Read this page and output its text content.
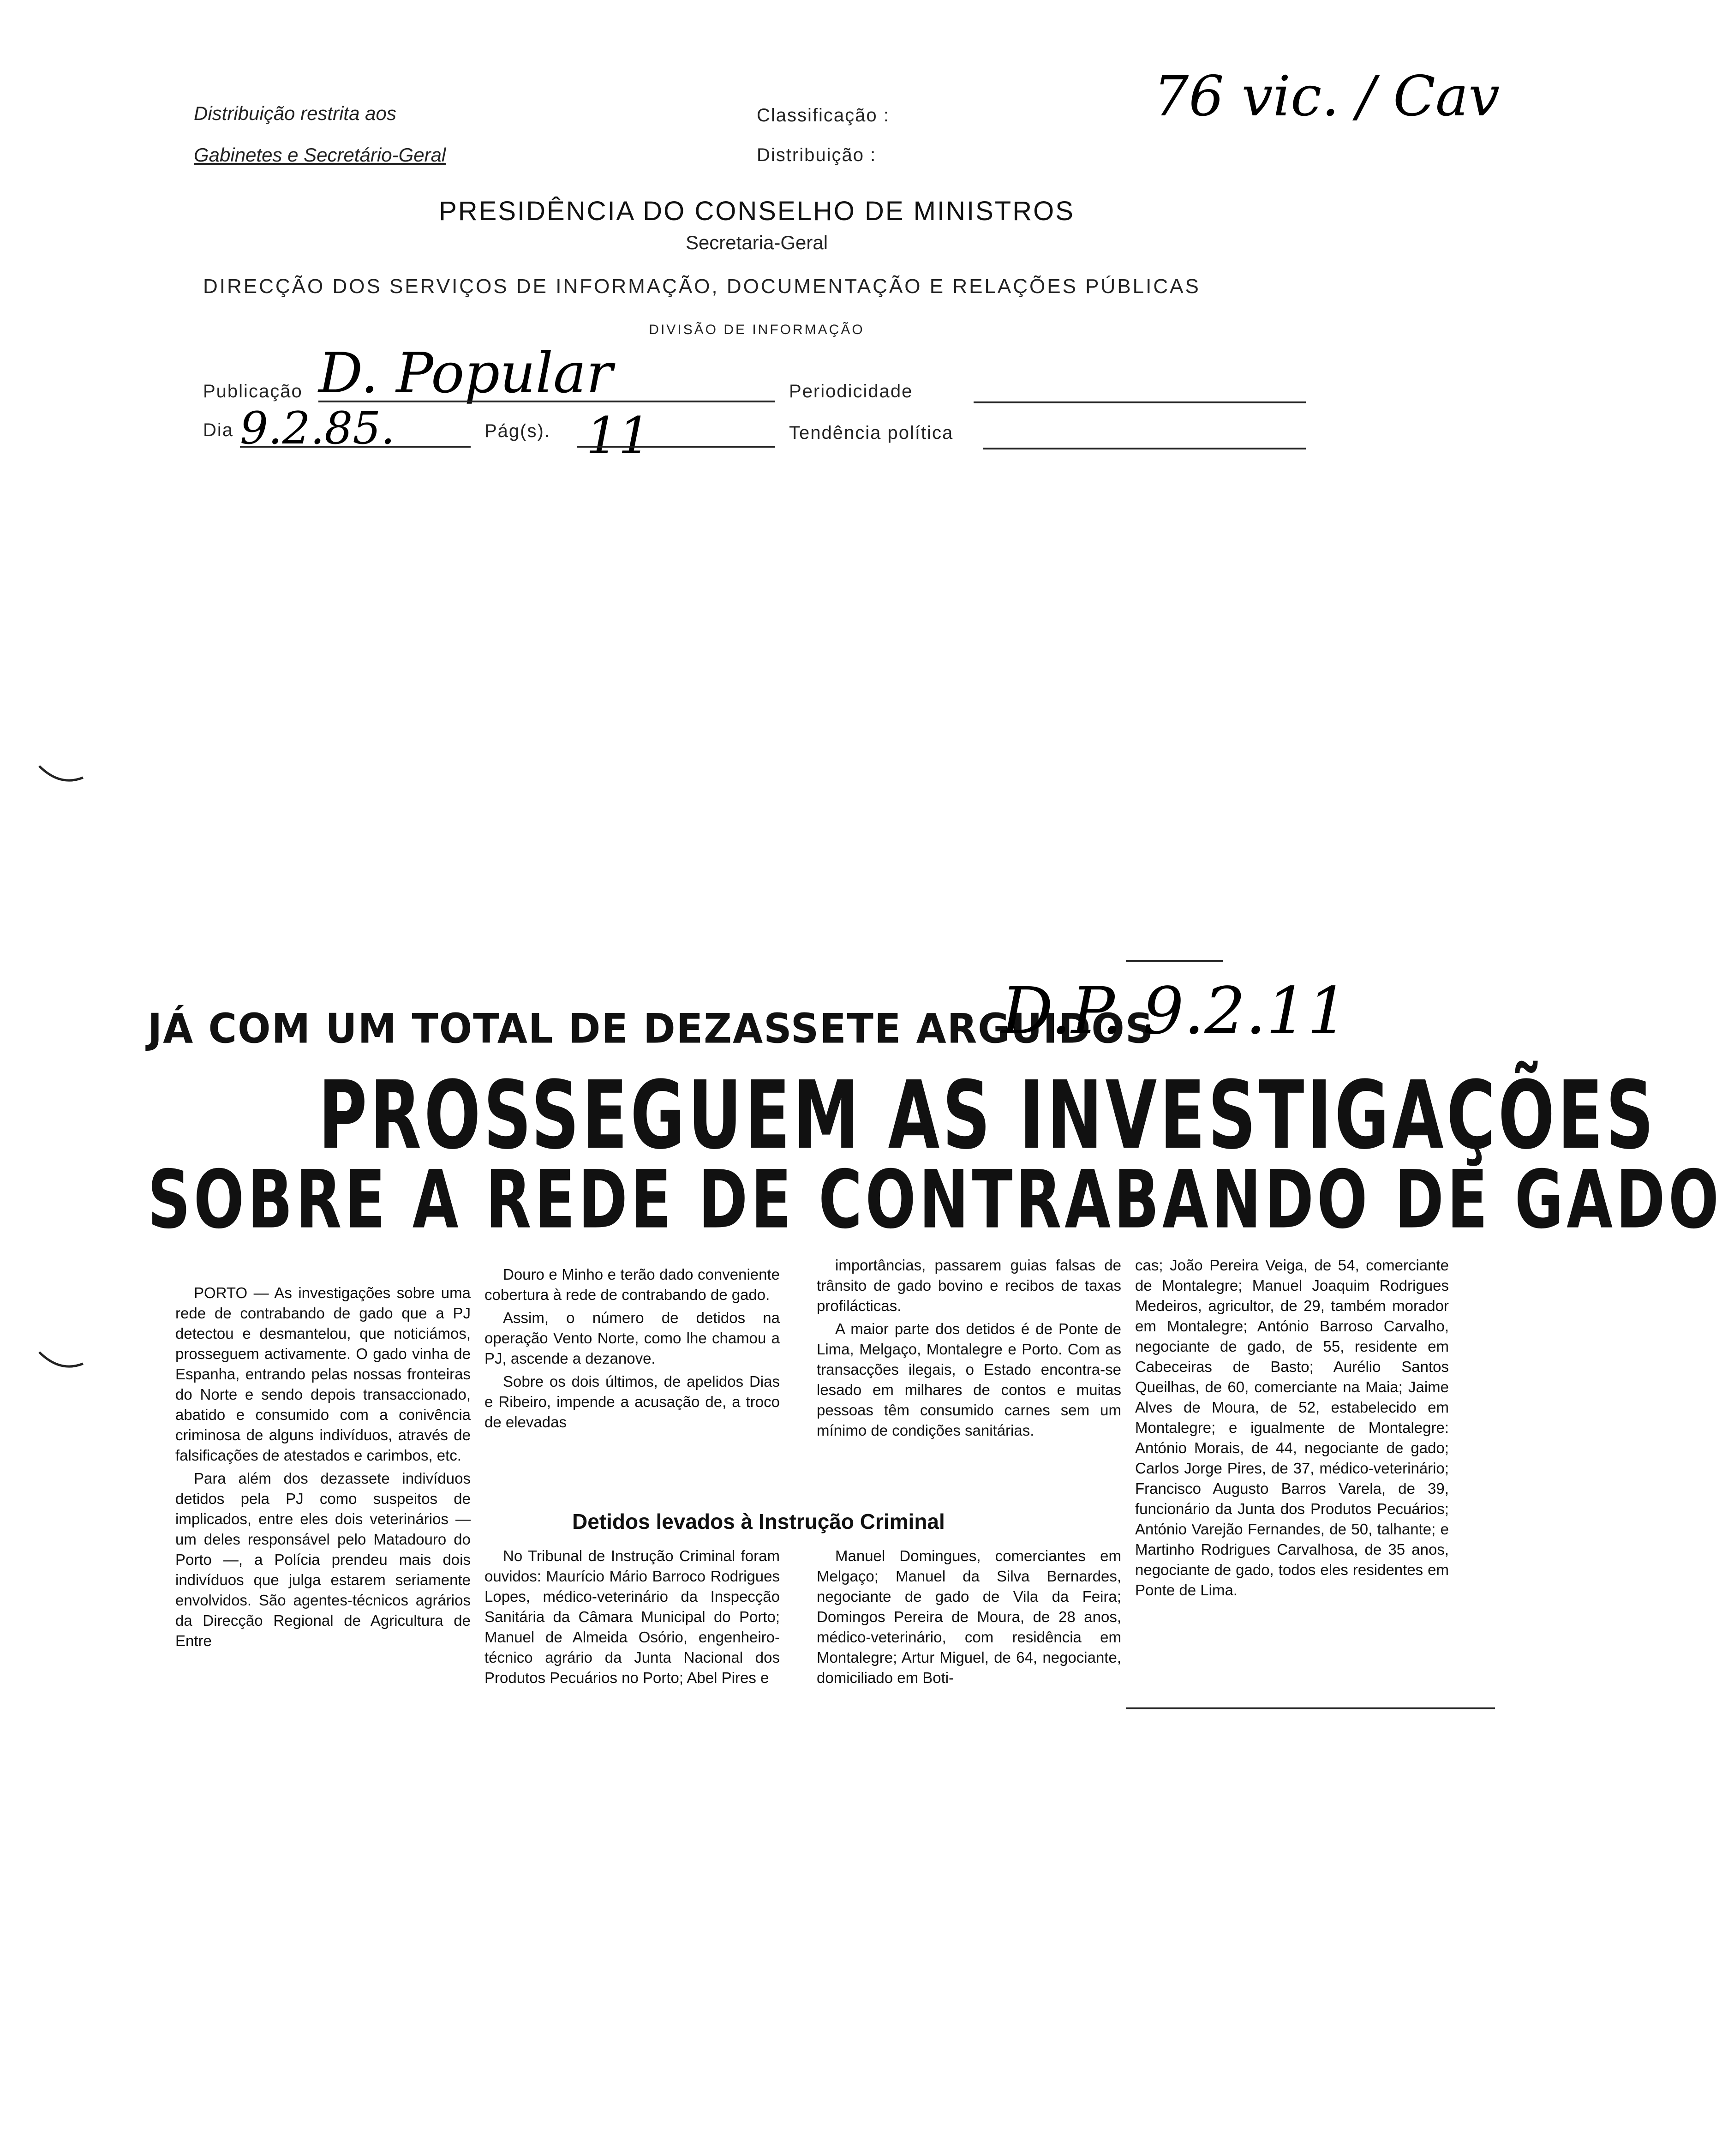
Distribuição restrita aos
Gabinetes e Secretário-Geral
Classificação :
Distribuição :
76 vic. / Cav
PRESIDÊNCIA DO CONSELHO DE MINISTROS
Secretaria-Geral
DIRECÇÃO DOS SERVIÇOS DE INFORMAÇÃO, DOCUMENTAÇÃO E RELAÇÕES PÚBLICAS
DIVISÃO DE INFORMAÇÃO
Publicação D. Popular	Periodicidade
Dia 9.2.85.	Pág(s). 11	Tendência política
JÁ COM UM TOTAL DE DEZASSETE ARGUIDOS
D.P. 9.2.11
PROSSEGUEM AS INVESTIGAÇÕES
SOBRE A REDE DE CONTRABANDO DE GADO

PORTO — As investigações sobre uma rede de contrabando de gado que a PJ detectou e desmantelou, que noticiámos, prosseguem activamente. O gado vinha de Espanha, entrando pelas nossas fronteiras do Norte e sendo depois transaccionado, abatido e consumido com a conivência criminosa de alguns indivíduos, através de falsificações de atestados e carimbos, etc.

Para além dos dezassete indivíduos detidos pela PJ como suspeitos de implicados, entre eles dois veterinários — um deles responsável pelo Matadouro do Porto —, a Polícia prendeu mais dois indivíduos que julga estarem seriamente envolvidos. São agentes-técnicos agrários da Direcção Regional de Agricultura de Entre

Douro e Minho e terão dado conveniente cobertura à rede de contrabando de gado.

Assim, o número de detidos na operação Vento Norte, como lhe chamou a PJ, ascende a dezanove.

Sobre os dois últimos, de apelidos Dias e Ribeiro, impende a acusação de, a troco de elevadas

importâncias, passarem guias falsas de trânsito de gado bovino e recibos de taxas profilácticas.

A maior parte dos detidos é de Ponte de Lima, Melgaço, Montalegre e Porto. Com as transacções ilegais, o Estado encontra-se lesado em milhares de contos e muitas pessoas têm consumido carnes sem um mínimo de condições sanitárias.

Detidos levados à Instrução Criminal

No Tribunal de Instrução Criminal foram ouvidos: Maurício Mário Barroco Rodrigues Lopes, médico-veterinário da Inspecção Sanitária da Câmara Municipal do Porto; Manuel de Almeida Osório, engenheiro-técnico agrário da Junta Nacional dos Produtos Pecuários no Porto; Abel Pires e

Manuel Domingues, comerciantes em Melgaço; Manuel da Silva Bernardes, negociante de gado de Vila da Feira; Domingos Pereira de Moura, de 28 anos, médico-veterinário, com residência em Montalegre; Artur Miguel, de 64, negociante, domiciliado em Boti-

cas; João Pereira Veiga, de 54, comerciante de Montalegre; Manuel Joaquim Rodrigues Medeiros, agricultor, de 29, também morador em Montalegre; António Barroso Carvalho, negociante de gado, de 55, residente em Cabeceiras de Basto; Aurélio Santos Queilhas, de 60, comerciante na Maia; Jaime Alves de Moura, de 52, estabelecido em Montalegre; e igualmente de Montalegre: António Morais, de 44, negociante de gado; Carlos Jorge Pires, de 37, médico-veterinário; Francisco Augusto Barros Varela, de 39, funcionário da Junta dos Produtos Pecuários; António Varejão Fernandes, de 50, talhante; e Martinho Rodrigues Carvalhosa, de 35 anos, negociante de gado, todos eles residentes em Ponte de Lima.
